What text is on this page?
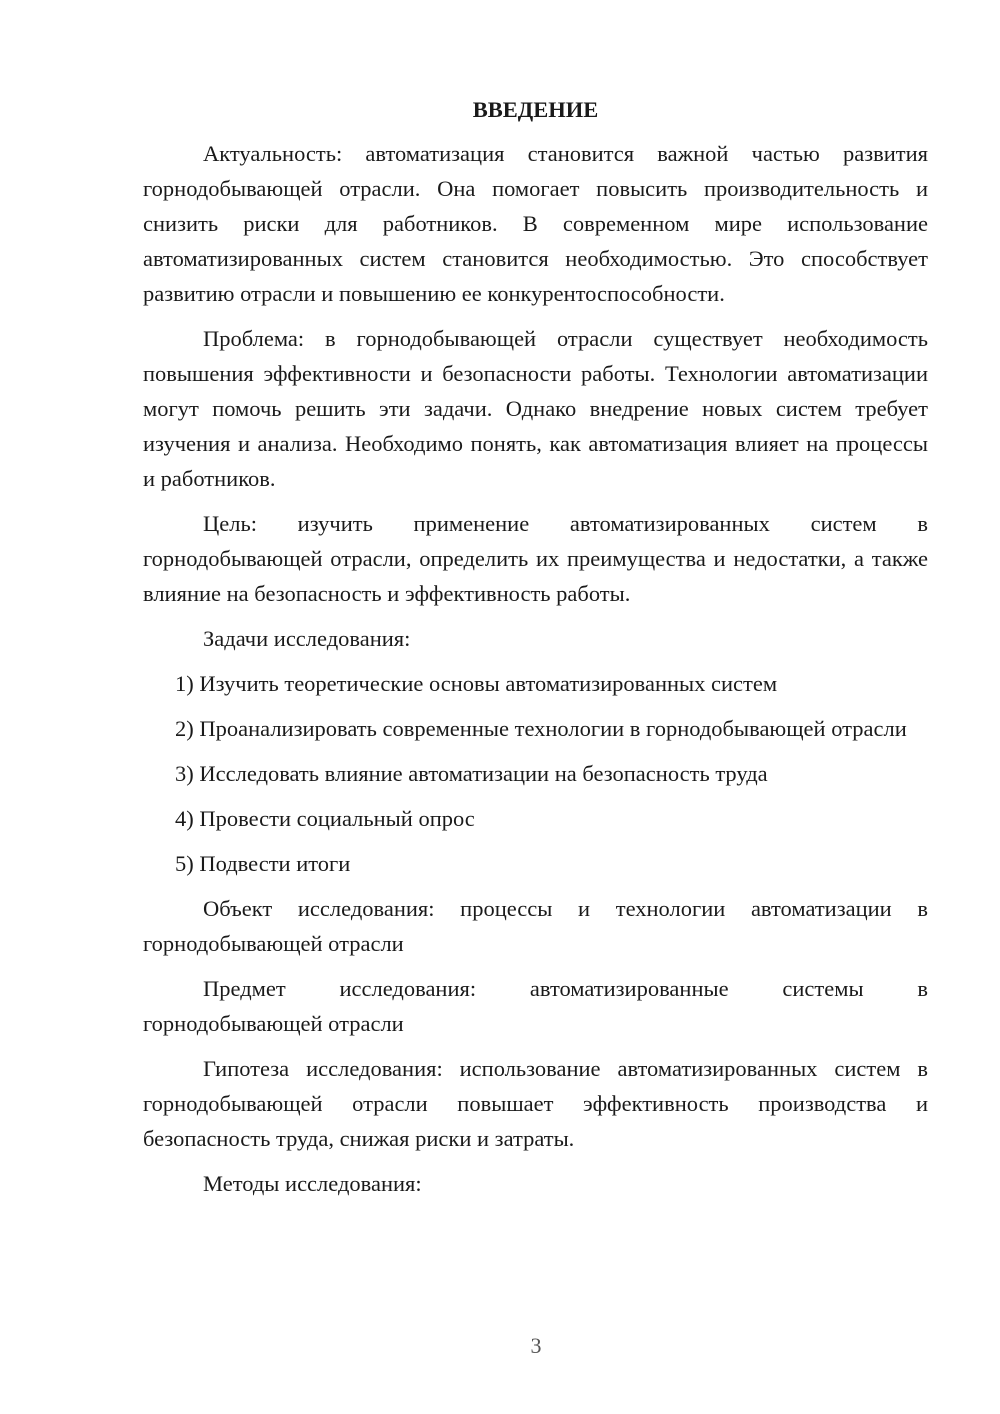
ВВЕДЕНИЕ

Актуальность: автоматизация становится важной частью развития горнодобывающей отрасли. Она помогает повысить производительность и снизить риски для работников. В современном мире использование автоматизированных систем становится необходимостью. Это способствует развитию отрасли и повышению ее конкурентоспособности.

Проблема: в горнодобывающей отрасли существует необходимость повышения эффективности и безопасности работы. Технологии автоматизации могут помочь решить эти задачи. Однако внедрение новых систем требует изучения и анализа. Необходимо понять, как автоматизация влияет на процессы и работников.

Цель: изучить применение автоматизированных систем в горнодобывающей отрасли, определить их преимущества и недостатки, а также влияние на безопасность и эффективность работы.

Задачи исследования:

1) Изучить теоретические основы автоматизированных систем

2) Проанализировать современные технологии в горнодобывающей отрасли

3) Исследовать влияние автоматизации на безопасность труда

4) Провести социальный опрос

5) Подвести итоги

Объект исследования: процессы и технологии автоматизации в горнодобывающей отрасли

Предмет исследования: автоматизированные системы в
горнодобывающей отрасли

Гипотеза исследования: использование автоматизированных систем в горнодобывающей отрасли повышает эффективность производства и безопасность труда, снижая риски и затраты.

Методы исследования:

3
